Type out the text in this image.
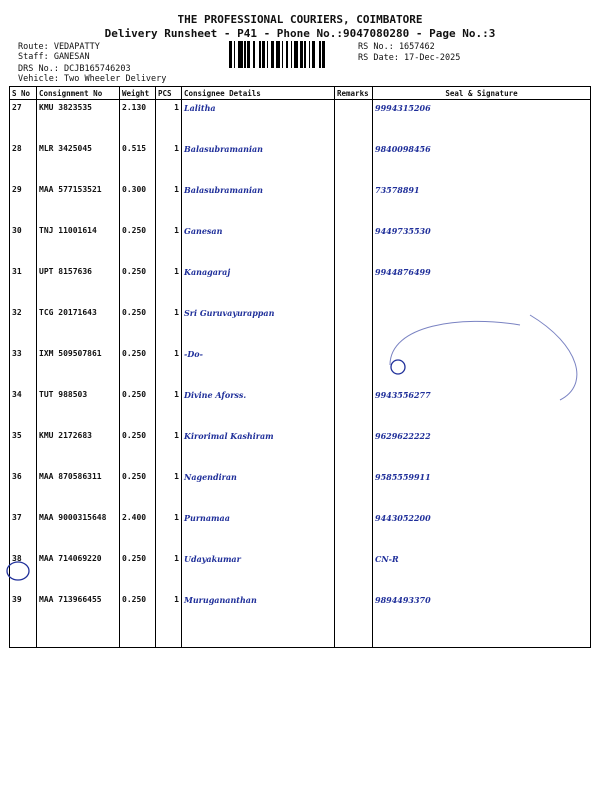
THE PROFESSIONAL COURIERS, COIMBATORE
Delivery Runsheet - P41 - Phone No.:9047080280 - Page No.:3
Route: VEDAPATTY
Staff: GANESAN
DRS No.: DCJB165746203
Vehicle: Two Wheeler Delivery
RS No.: 1657462
RS Date: 17-Dec-2025
S No	Consignment No	Weight	PCS	Consignee Details	Remarks	Seal & Signature
27	KMU 3823535	2.130	1	Lalitha		9994315206
28	MLR 3425045	0.515	1	Balasubramanian		9840098456
29	MAA 577153521	0.300	1	Balasubramanian		73578891
30	TNJ 11001614	0.250	1	Ganesan		9449735530
31	UPT 8157636	0.250	1	Kanagaraj		9944876499
32	TCG 20171643	0.250	1	Sri Guruvayurappan		
33	IXM 509507861	0.250	1	-Do-		
34	TUT 988503	0.250	1	Divine Aforss.		9943556277
35	KMU 2172683	0.250	1	Kirorimal Kashiram		9629622222
36	MAA 870586311	0.250	1	Nagendiran		9585559911
37	MAA 9000315648	2.400	1	Purnamaa		9443052200
38	MAA 714069220	0.250	1	Udayakumar		CN-R
39	MAA 713966455	0.250	1	Murugananthan		9894493370
